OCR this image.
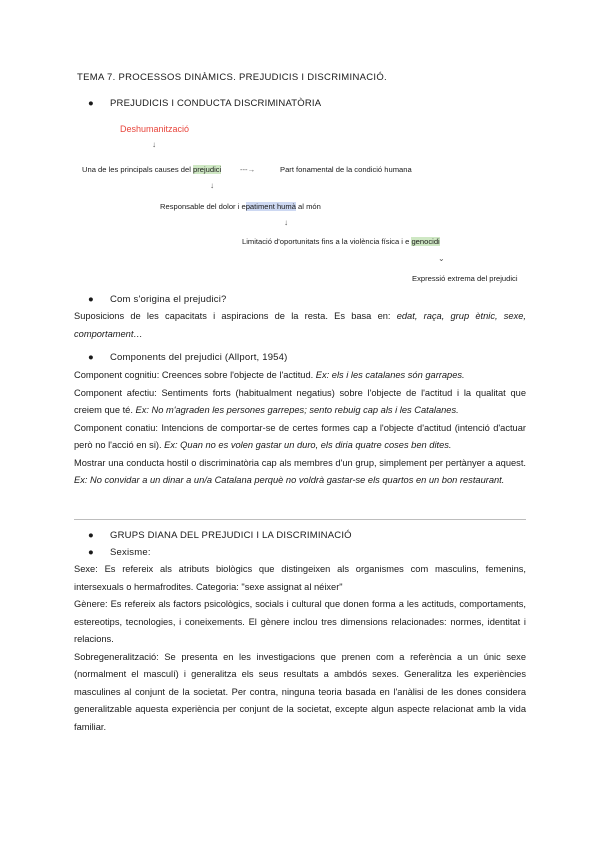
TEMA 7. PROCESSOS DINÀMICS. PREJUDICIS I DISCRIMINACIÓ.
● PREJUDICIS I CONDUCTA DISCRIMINATÒRIA
Deshumanització
↓
Una de les principals causes del prejudici ---→	Part fonamental de la condició humana
↓
Responsable del dolor i epatiment humà al món
↓
Limitació d'oportunitats fins a la violència física i e genocidi
⌄
Expressió extrema del prejudici
● Com s'origina el prejudici?

Suposicions de les capacitats i aspiracions de la resta. Es basa en: edat, raça, grup ètnic, sexe, comportament…

● Components del prejudici (Allport, 1954)

Component cognitiu: Creences sobre l'objecte de l'actitud. Ex: els i les catalanes són garrapes.

Component afectiu: Sentiments forts (habitualment negatius) sobre l'objecte de l'actitud i la qualitat que creiem que té. Ex: No m'agraden les persones garrepes; sento rebuig cap als i les Catalanes.

Component conatiu: Intencions de comportar-se de certes formes cap a l'objecte d'actitud (intenció d'actuar però no l'acció en si). Ex: Quan no es volen gastar un duro, els diria quatre coses ben dites.

Mostrar una conducta hostil o discriminatòria cap als membres d'un grup, simplement per pertànyer a aquest. Ex: No convidar a un dinar a un/a Catalana perquè no voldrà gastar-se els quartos en un bon restaurant.

● GRUPS DIANA DEL PREJUDICI I LA DISCRIMINACIÓ
● Sexisme:

Sexe: Es refereix als atributs biològics que distingeixen als organismes com masculins, femenins, intersexuals o hermafrodites. Categoria: "sexe assignat al néixer"

Gènere: Es refereix als factors psicològics, socials i cultural que donen forma a les actituds, comportaments, estereotips, tecnologies, i coneixements. El gènere inclou tres dimensions relacionades: normes, identitat i relacions.

Sobregeneralització: Se presenta en les investigacions que prenen com a referència a un únic sexe (normalment el masculí) i generalitza els seus resultats a ambdós sexes. Generalitza les experiències masculines al conjunt de la societat. Per contra, ninguna teoria basada en l'anàlisi de les dones considera generalitzable aquesta experiència per conjunt de la societat, excepte algun aspecte relacionat amb la vida familiar.
